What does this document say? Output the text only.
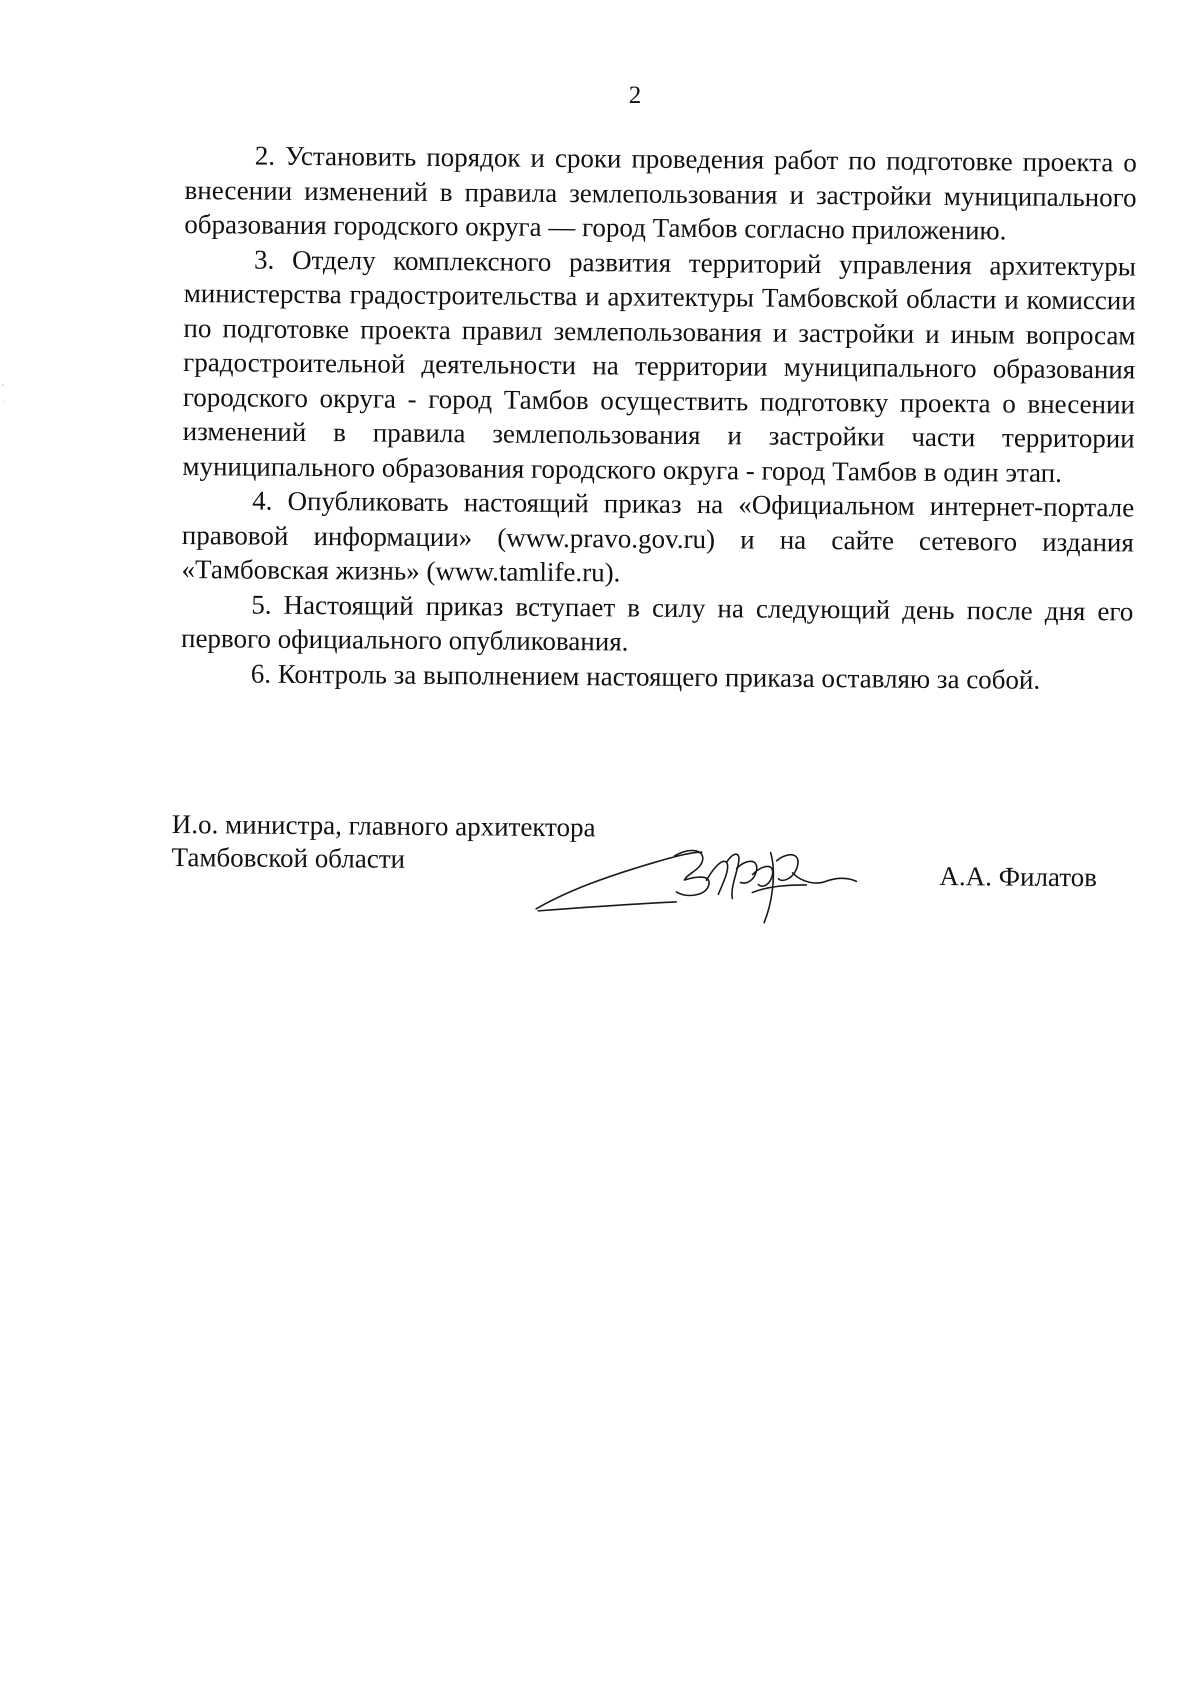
2

2. Установить порядок и сроки проведения работ по подготовке проекта о внесении изменений в правила землепользования и застройки муниципального образования городского округа — город Тамбов согласно приложению.

3. Отделу комплексного развития территорий управления архитектуры министерства градостроительства и архитектуры Тамбовской области и комиссии по подготовке проекта правил землепользования и застройки и иным вопросам градостроительной деятельности на территории муниципального образования городского округа - город Тамбов осуществить подготовку проекта о внесении изменений в правила землепользования и застройки части территории муниципального образования городского округа - город Тамбов в один этап.

4. Опубликовать настоящий приказ на «Официальном интернет-портале правовой информации» (www.pravo.gov.ru) и на сайте сетевого издания «Тамбовская жизнь» (www.tamlife.ru).

5. Настоящий приказ вступает в силу на следующий день после дня его первого официального опубликования.

6. Контроль за выполнением настоящего приказа оставляю за собой.

И.о. министра, главного архитектора
Тамбовской области
А.А. Филатов
